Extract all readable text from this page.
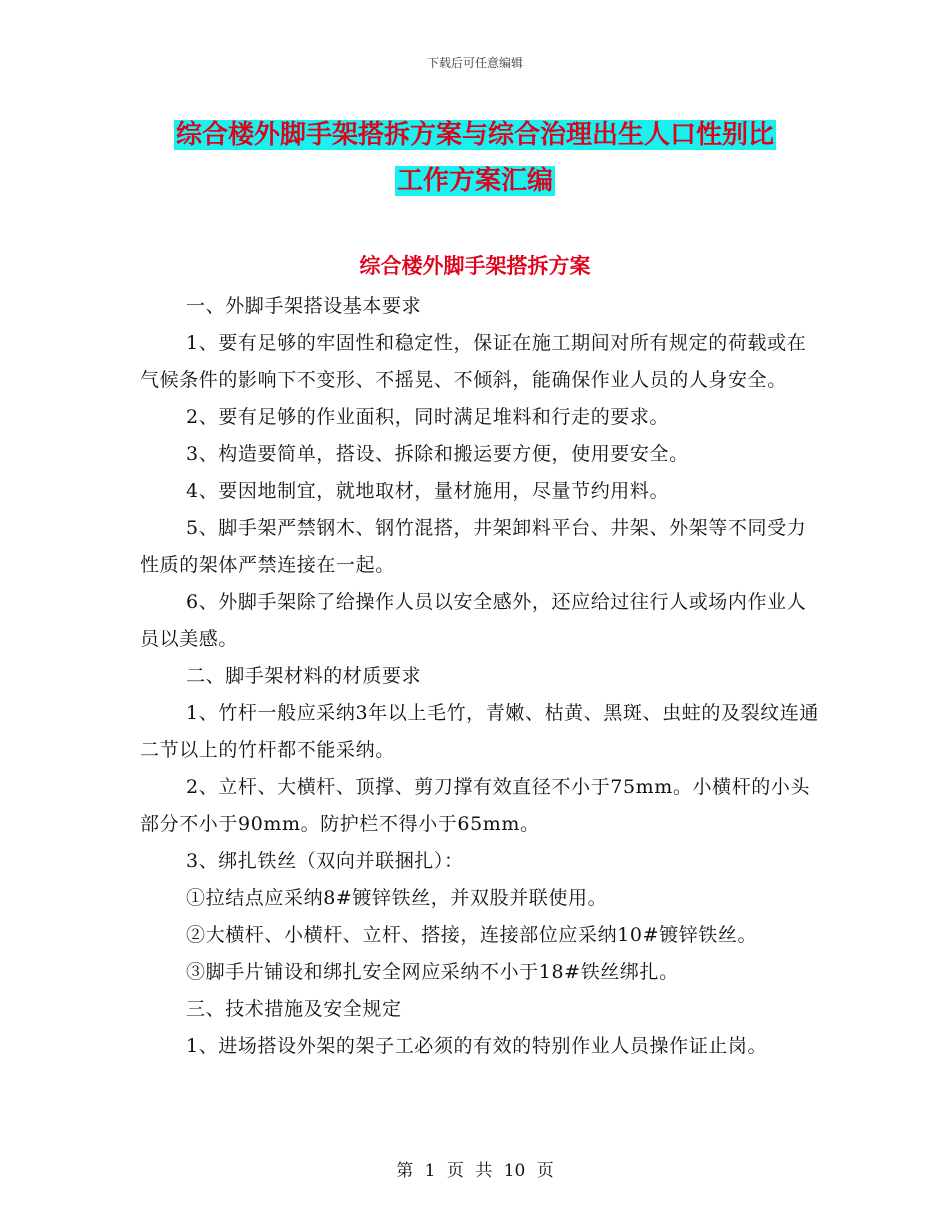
下载后可任意编辑
综合楼外脚手架搭拆方案与综合治理出生人口性别比
工作方案汇编
综合楼外脚手架搭拆方案

一、外脚手架搭设基本要求

1、要有足够的牢固性和稳定性，保证在施工期间对所有规定的荷载或在气候条件的影响下不变形、不摇晃、不倾斜，能确保作业人员的人身安全。

2、要有足够的作业面积，同时满足堆料和行走的要求。

3、构造要简单，搭设、拆除和搬运要方便，使用要安全。

4、要因地制宜，就地取材，量材施用，尽量节约用料。

5、脚手架严禁钢木、钢竹混搭，井架卸料平台、井架、外架等不同受力性质的架体严禁连接在一起。

6、外脚手架除了给操作人员以安全感外，还应给过往行人或场内作业人员以美感。

二、脚手架材料的材质要求

1、竹杆一般应采纳3年以上毛竹，青嫩、枯黄、黑斑、虫蛀的及裂纹连通二节以上的竹杆都不能采纳。

2、立杆、大横杆、顶撑、剪刀撑有效直径不小于75mm。小横杆的小头部分不小于90mm。防护栏不得小于65mm。

3、绑扎铁丝（双向并联捆扎）：

①拉结点应采纳8#镀锌铁丝，并双股并联使用。

②大横杆、小横杆、立杆、搭接，连接部位应采纳10#镀锌铁丝。

③脚手片铺设和绑扎安全网应采纳不小于18#铁丝绑扎。

三、技术措施及安全规定

1、进场搭设外架的架子工必须的有效的特别作业人员操作证止岗。

第 1 页 共 10 页
